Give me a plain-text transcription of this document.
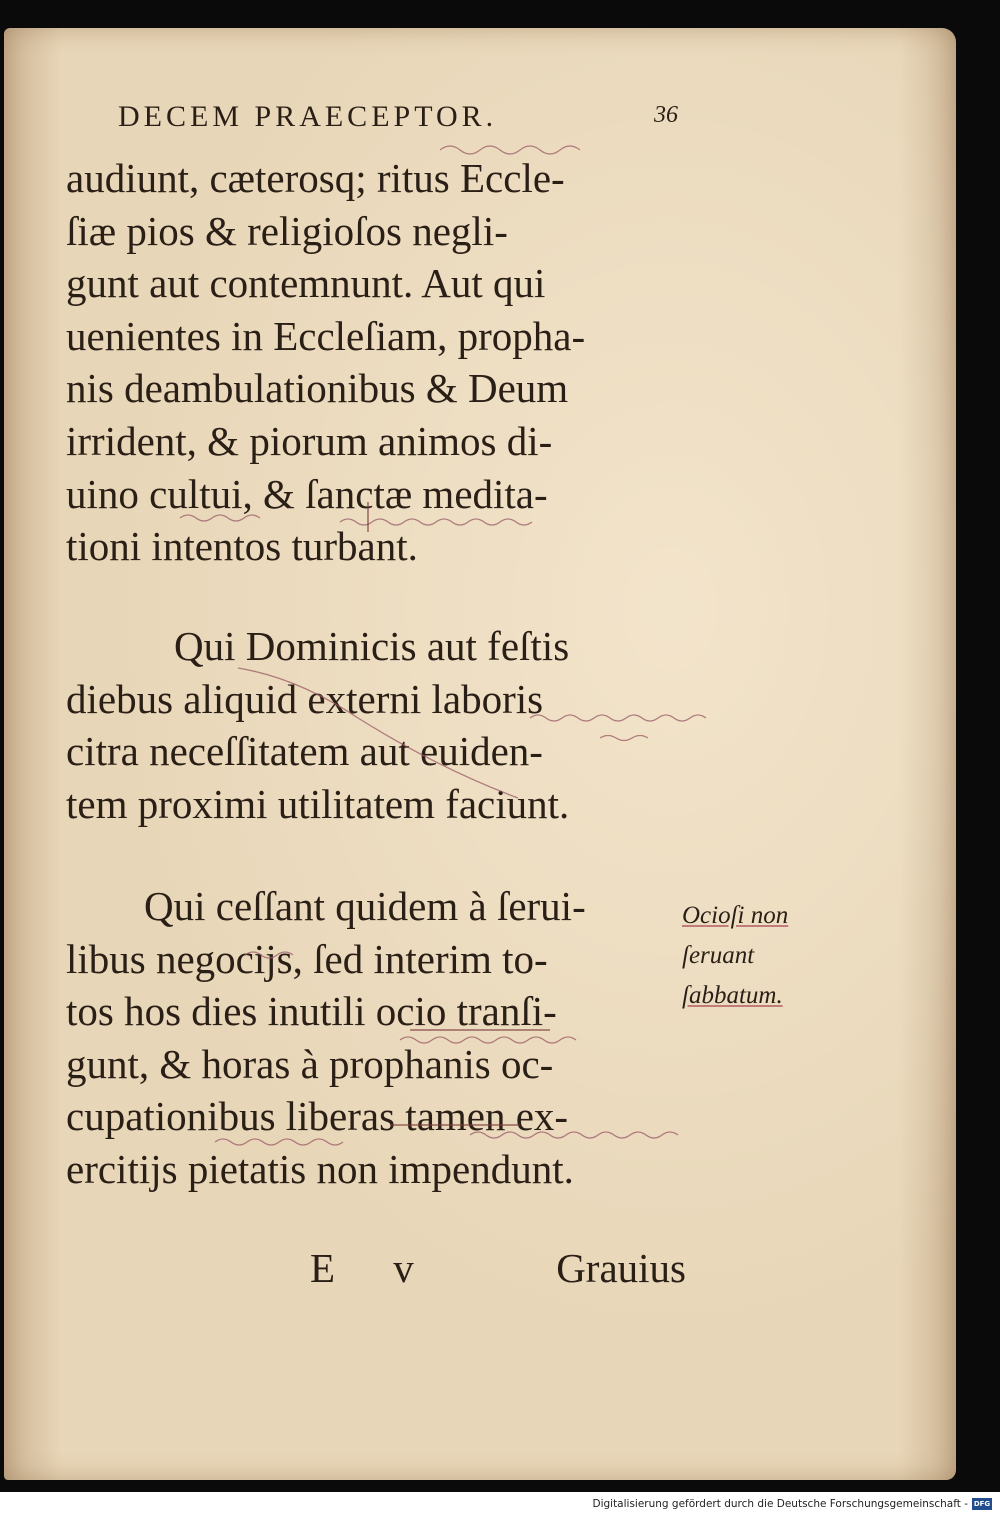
DECEM PRAECEPTOR.	36
audiunt, cæterosq; ritus Eccle-
ſiæ pios & religioſos negli-
gunt aut contemnunt. Aut qui
uenientes in Eccleſiam, propha-
nis deambulationibus & Deum
irrident, & piorum animos di-
uino cultui, & ſanctæ medita-
tioni intentos turbant.
Qui Dominicis aut feſtis
diebus aliquid externi laboris
citra neceſſitatem aut euiden-
tem proximi utilitatem faciunt.
Qui ceſſant quidem à ſerui-
libus negocijs, ſed interim to-
tos hos dies inutili ocio tranſi-
gunt, & horas à prophanis oc-
cupationibus liberas tamen ex-
ercitijs pietatis non impendunt.
Ocioſi non
ſeruant
ſabbatum.
E v	Grauius
Digitalisierung gefördert durch die Deutsche Forschungsgemeinschaft - DFG
